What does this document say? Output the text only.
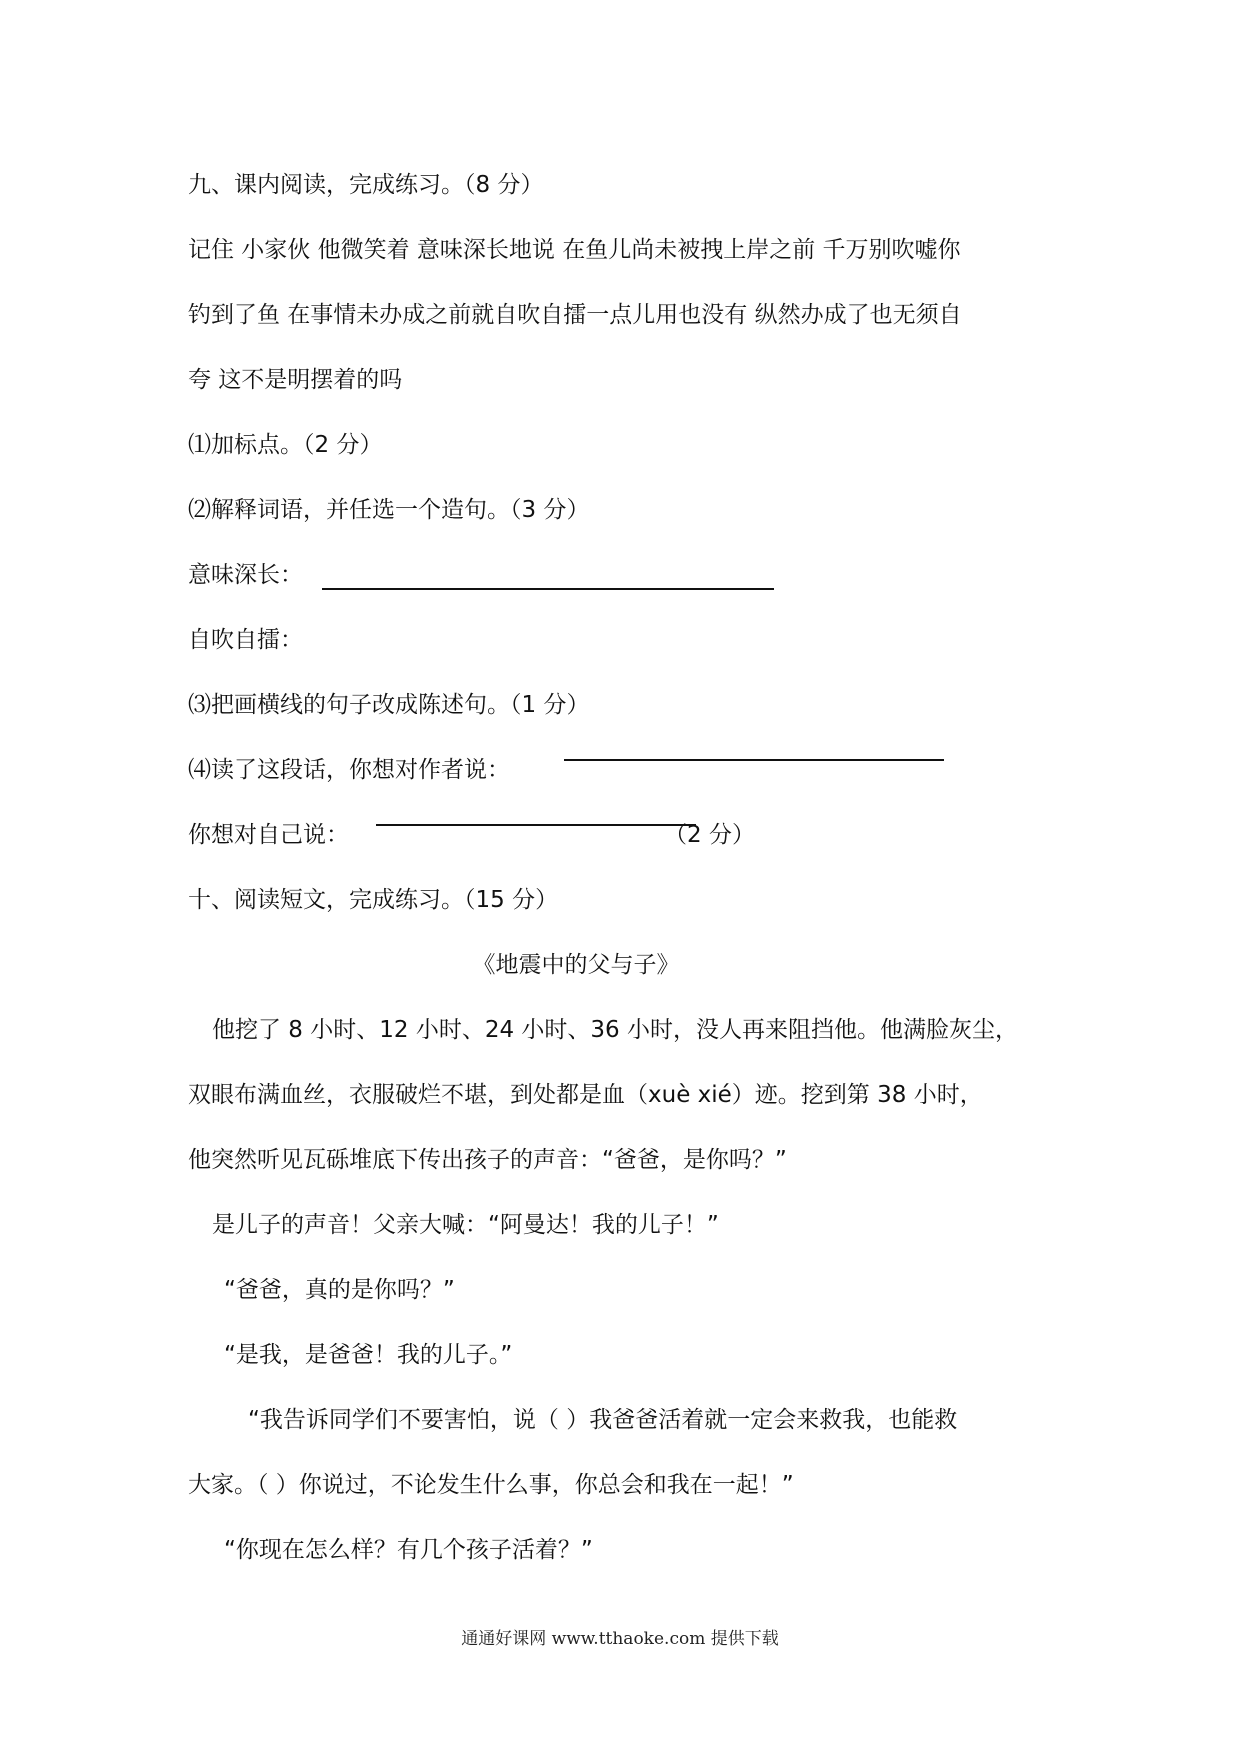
九、课内阅读，完成练习。（8 分）
记住 小家伙 他微笑着 意味深长地说 在鱼儿尚未被拽上岸之前 千万别吹嘘你
钓到了鱼 在事情未办成之前就自吹自擂一点儿用也没有 纵然办成了也无须自
夸 这不是明摆着的吗
⑴加标点。（2 分）
⑵解释词语，并任选一个造句。（3 分）
意味深长：
自吹自擂：
⑶把画横线的句子改成陈述句。（1 分）
⑷读了这段话，你想对作者说：
你想对自己说：	（2 分）
十、阅读短文，完成练习。（15 分）
《地震中的父与子》
他挖了 8 小时、12 小时、24 小时、36 小时，没人再来阻挡他。他满脸灰尘，
双眼布满血丝，衣服破烂不堪，到处都是血（xuè xié）迹。挖到第 38 小时，
他突然听见瓦砾堆底下传出孩子的声音：“爸爸，是你吗？”
是儿子的声音！父亲大喊：“阿曼达！我的儿子！”
“爸爸，真的是你吗？”
“是我，是爸爸！我的儿子。”
“我告诉同学们不要害怕，说（ ）我爸爸活着就一定会来救我，也能救
大家。（ ）你说过，不论发生什么事，你总会和我在一起！”
“你现在怎么样？有几个孩子活着？”
通通好课网 www.tthaoke.com 提供下载
